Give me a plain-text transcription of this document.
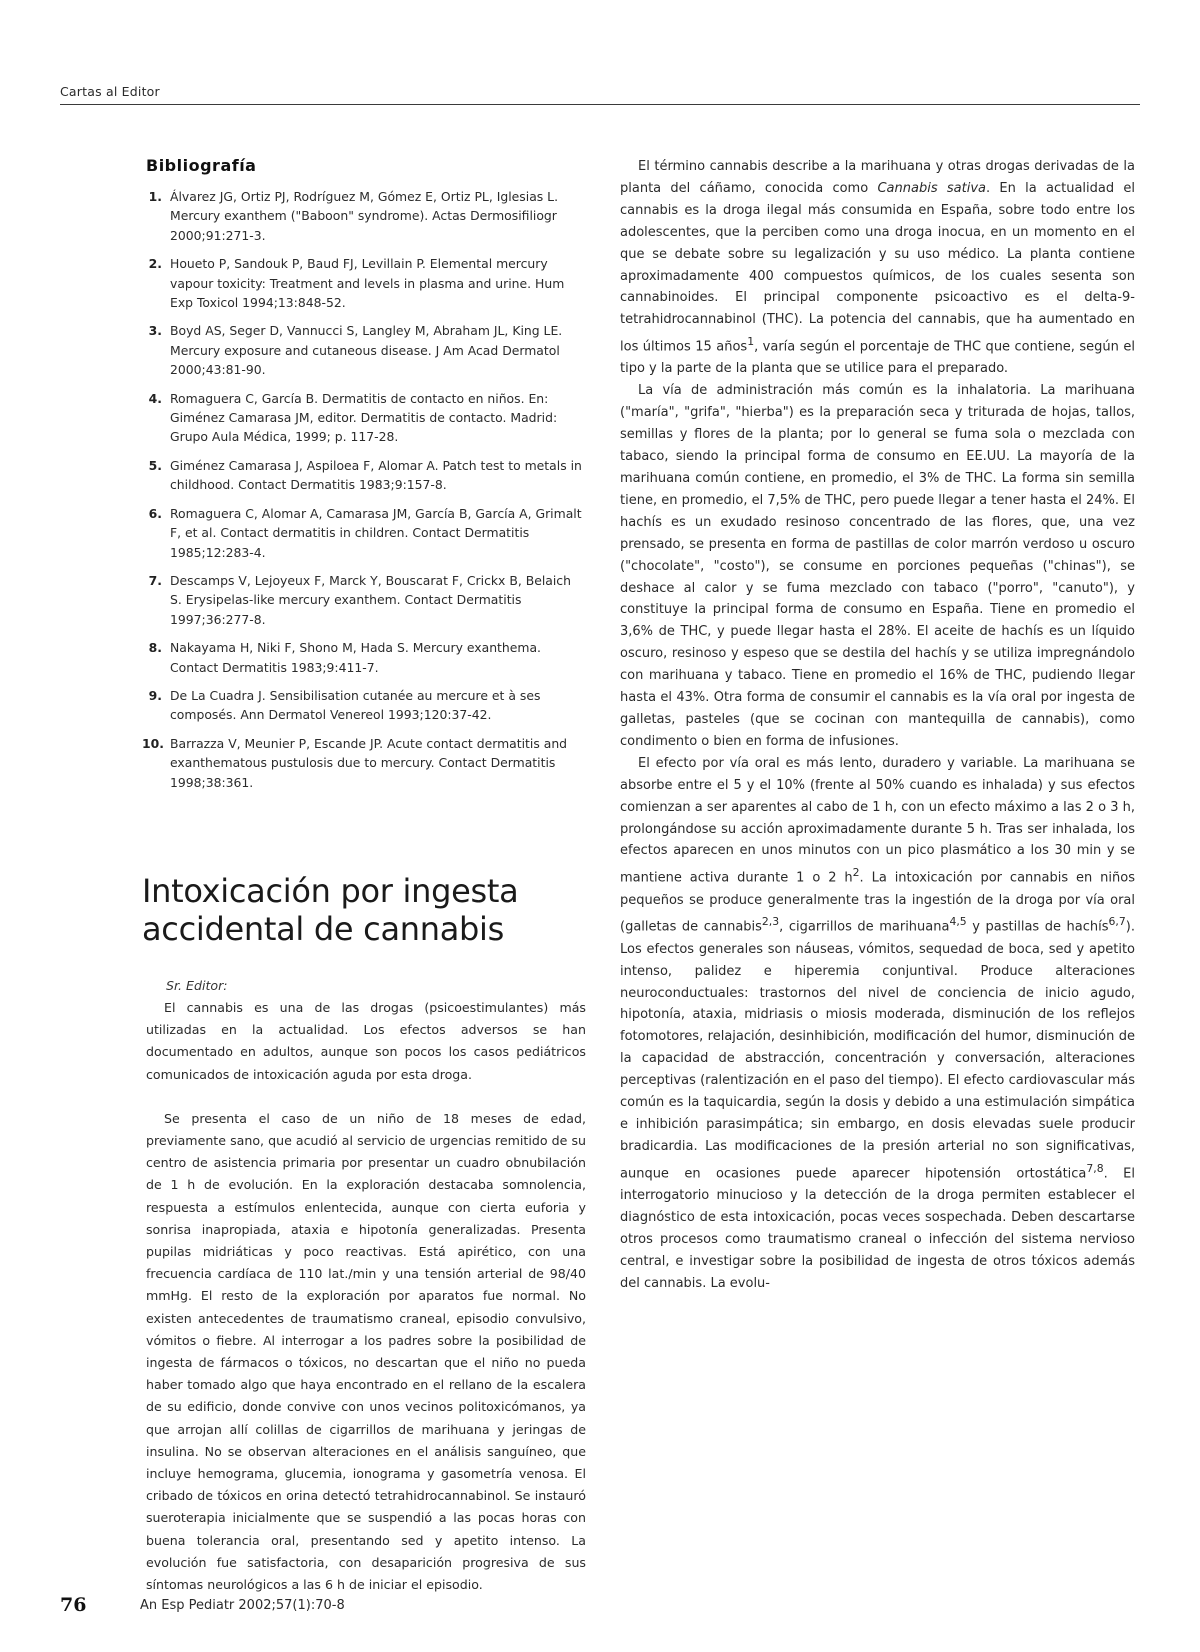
Cartas al Editor
Bibliografía
1 .	Álvarez JG, Ortiz PJ, Rodríguez M, Gómez E, Ortiz PL, Iglesias L. Mercury exanthem ("Baboon" syndrome). Actas Dermosifiliogr 2000;91:271-3.
2 .	Houeto P, Sandouk P, Baud FJ, Levillain P. Elemental mercury vapour toxicity: Treatment and levels in plasma and urine. Hum Exp Toxicol 1994;13:848-52.
3 .	Boyd AS, Seger D, Vannucci S, Langley M, Abraham JL, King LE. Mercury exposure and cutaneous disease. J Am Acad Dermatol 2000;43:81-90.
4 .	Romaguera C, García B. Dermatitis de contacto en niños. En: Giménez Camarasa JM, editor. Dermatitis de contacto. Madrid: Grupo Aula Médica, 1999; p. 117-28.
5 .	Giménez Camarasa J, Aspiloea F, Alomar A. Patch test to metals in childhood. Contact Dermatitis 1983;9:157-8.
6 .	Romaguera C, Alomar A, Camarasa JM, García B, García A, Grimalt F, et al. Contact dermatitis in children. Contact Dermatitis 1985;12:283-4.
7 .	Descamps V, Lejoyeux F, Marck Y, Bouscarat F, Crickx B, Belaich S. Erysipelas-like mercury exanthem. Contact Dermatitis 1997;36:277-8.
8 .	Nakayama H, Niki F, Shono M, Hada S. Mercury exanthema. Contact Dermatitis 1983;9:411-7.
9 .	De La Cuadra J. Sensibilisation cutanée au mercure et à ses composés. Ann Dermatol Venereol 1993;120:37-42.
10 . Barrazza V, Meunier P, Escande JP. Acute contact dermatitis and exanthematous pustulosis due to mercury. Contact Dermatitis 1998;38:361.
Intoxicación por ingesta
accidental de cannabis
Sr. Editor:

El cannabis es una de las drogas (psicoestimulantes) más utilizadas en la actualidad. Los efectos adversos se han documentado en adultos, aunque son pocos los casos pediátricos comunicados de intoxicación aguda por esta droga.

Se presenta el caso de un niño de 18 meses de edad, previamente sano, que acudió al servicio de urgencias remitido de su centro de asistencia primaria por presentar un cuadro obnubilación de 1 h de evolución. En la exploración destacaba somnolencia, respuesta a estímulos enlentecida, aunque con cierta euforia y sonrisa inapropiada, ataxia e hipotonía generalizadas. Presenta pupilas midriáticas y poco reactivas. Está apirético, con una frecuencia cardíaca de 110 lat./min y una tensión arterial de 98/40 mmHg. El resto de la exploración por aparatos fue normal. No existen antecedentes de traumatismo craneal, episodio convulsivo, vómitos o fiebre. Al interrogar a los padres sobre la posibilidad de ingesta de fármacos o tóxicos, no descartan que el niño no pueda haber tomado algo que haya encontrado en el rellano de la escalera de su edificio, donde convive con unos vecinos politoxicómanos, ya que arrojan allí colillas de cigarrillos de marihuana y jeringas de insulina. No se observan alteraciones en el análisis sanguíneo, que incluye hemograma, glucemia, ionograma y gasometría venosa. El cribado de tóxicos en orina detectó tetrahidrocannabinol. Se instauró sueroterapia inicialmente que se suspendió a las pocas horas con buena tolerancia oral, presentando sed y apetito intenso. La evolución fue satisfactoria, con desaparición progresiva de sus síntomas neurológicos a las 6 h de iniciar el episodio.

El término cannabis describe a la marihuana y otras drogas derivadas de la planta del cáñamo, conocida como Cannabis sativa. En la actualidad el cannabis es la droga ilegal más consumida en España, sobre todo entre los adolescentes, que la perciben como una droga inocua, en un momento en el que se debate sobre su legalización y su uso médico. La planta contiene aproximadamente 400 compuestos químicos, de los cuales sesenta son cannabinoides. El principal componente psicoactivo es el delta-9-tetrahidrocannabinol (THC). La potencia del cannabis, que ha aumentado en los últimos 15 años$^1$, varía según el porcentaje de THC que contiene, según el tipo y la parte de la planta que se utilice para el preparado.

La vía de administración más común es la inhalatoria. La marihuana ("maría", "grifa", "hierba") es la preparación seca y triturada de hojas, tallos, semillas y flores de la planta; por lo general se fuma sola o mezclada con tabaco, siendo la principal forma de consumo en EE.UU. La mayoría de la marihuana común contiene, en promedio, el 3% de THC. La forma sin semilla tiene, en promedio, el 7,5% de THC, pero puede llegar a tener hasta el 24%. El hachís es un exudado resinoso concentrado de las flores, que, una vez prensado, se presenta en forma de pastillas de color marrón verdoso u oscuro ("chocolate", "costo"), se consume en porciones pequeñas ("chinas"), se deshace al calor y se fuma mezclado con tabaco ("porro", "canuto"), y constituye la principal forma de consumo en España. Tiene en promedio el 3,6% de THC, y puede llegar hasta el 28%. El aceite de hachís es un líquido oscuro, resinoso y espeso que se destila del hachís y se utiliza impregnándolo con marihuana y tabaco. Tiene en promedio el 16% de THC, pudiendo llegar hasta el 43%. Otra forma de consumir el cannabis es la vía oral por ingesta de galletas, pasteles (que se cocinan con mantequilla de cannabis), como condimento o bien en forma de infusiones.

El efecto por vía oral es más lento, duradero y variable. La marihuana se absorbe entre el 5 y el 10% (frente al 50% cuando es inhalada) y sus efectos comienzan a ser aparentes al cabo de 1 h, con un efecto máximo a las 2 o 3 h, prolongándose su acción aproximadamente durante 5 h. Tras ser inhalada, los efectos aparecen en unos minutos con un pico plasmático a los 30 min y se mantiene activa durante 1 o 2 $h^2$. La intoxicación por cannabis en niños pequeños se produce generalmente tras la ingestión de la droga por vía oral (galletas de cannabis$^{2,3}$, cigarrillos de marihuana$^{4,5}$ y pastillas de hachís$^{6,7}$). Los efectos generales son náuseas, vómitos, sequedad de boca, sed y apetito intenso, palidez e hiperemia conjuntival. Produce alteraciones neuroconductuales: trastornos del nivel de conciencia de inicio agudo, hipotonía, ataxia, midriasis o miosis moderada, disminución de los reflejos fotomotores, relajación, desinhibición, modificación del humor, disminución de la capacidad de abstracción, concentración y conversación, alteraciones perceptivas (ralentización en el paso del tiempo). El efecto cardiovascular más común es la taquicardia, según la dosis y debido a una estimulación simpática e inhibición parasimpática; sin embargo, en dosis elevadas suele producir bradicardia. Las modificaciones de la presión arterial no son significativas, aunque en ocasiones puede aparecer hipotensión ortostática$^{7,8}$. El interrogatorio minucioso y la detección de la droga permiten establecer el diagnóstico de esta intoxicación, pocas veces sospechada. Deben descartarse otros procesos como traumatismo craneal o infección del sistema nervioso central, e investigar sobre la posibilidad de ingesta de otros tóxicos además del cannabis. La evolu-

76	An Esp Pediatr 2002;57(1):70-8
